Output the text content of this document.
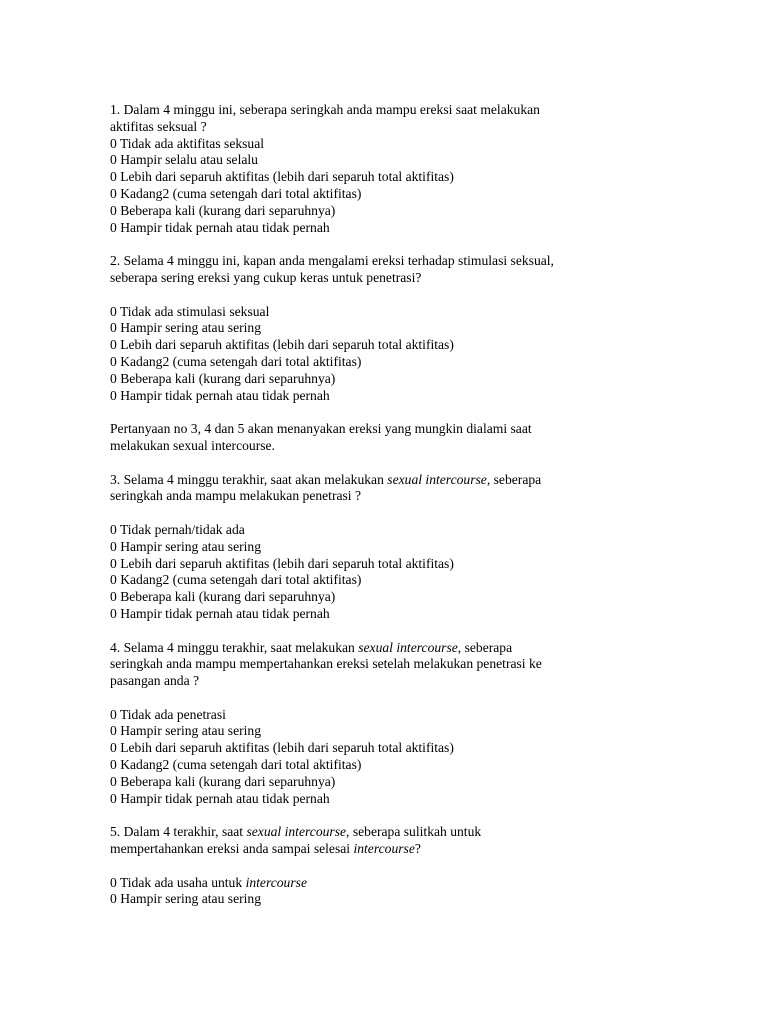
1. Dalam 4 minggu ini, seberapa seringkah anda mampu ereksi saat melakukan
aktifitas seksual ?
0 Tidak ada aktifitas seksual
0 Hampir selalu atau selalu
0 Lebih dari separuh aktifitas (lebih dari separuh total aktifitas)
0 Kadang2 (cuma setengah dari total aktifitas)
0 Beberapa kali (kurang dari separuhnya)
0 Hampir tidak pernah atau tidak pernah
2. Selama 4 minggu ini, kapan anda mengalami ereksi terhadap stimulasi seksual,
seberapa sering ereksi yang cukup keras untuk penetrasi?
0 Tidak ada stimulasi seksual
0 Hampir sering atau sering
0 Lebih dari separuh aktifitas (lebih dari separuh total aktifitas)
0 Kadang2 (cuma setengah dari total aktifitas)
0 Beberapa kali (kurang dari separuhnya)
0 Hampir tidak pernah atau tidak pernah
Pertanyaan no 3, 4 dan 5 akan menanyakan ereksi yang mungkin dialami saat
melakukan sexual intercourse.
3. Selama 4 minggu terakhir, saat akan melakukan sexual intercourse, seberapa
seringkah anda mampu melakukan penetrasi ?
0 Tidak pernah/tidak ada
0 Hampir sering atau sering
0 Lebih dari separuh aktifitas (lebih dari separuh total aktifitas)
0 Kadang2 (cuma setengah dari total aktifitas)
0 Beberapa kali (kurang dari separuhnya)
0 Hampir tidak pernah atau tidak pernah
4. Selama 4 minggu terakhir, saat melakukan sexual intercourse, seberapa
seringkah anda mampu mempertahankan ereksi setelah melakukan penetrasi ke
pasangan anda ?
0 Tidak ada penetrasi
0 Hampir sering atau sering
0 Lebih dari separuh aktifitas (lebih dari separuh total aktifitas)
0 Kadang2 (cuma setengah dari total aktifitas)
0 Beberapa kali (kurang dari separuhnya)
0 Hampir tidak pernah atau tidak pernah
5. Dalam 4 terakhir, saat sexual intercourse, seberapa sulitkah untuk
mempertahankan ereksi anda sampai selesai intercourse?
0 Tidak ada usaha untuk intercourse
0 Hampir sering atau sering
